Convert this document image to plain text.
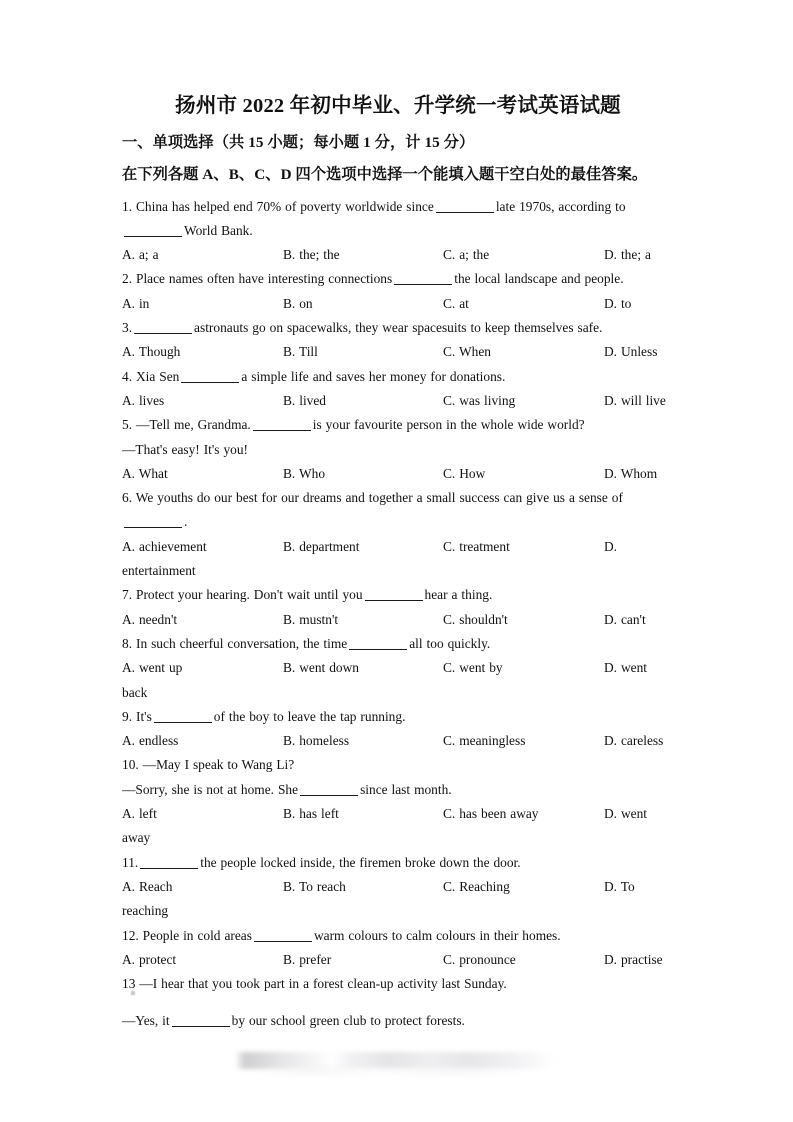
扬州市 2022 年初中毕业、升学统一考试英语试题

一、单项选择（共 15 小题；每小题 1 分，计 15 分）

在下列各题 A、B、C、D 四个选项中选择一个能填入题干空白处的最佳答案。

1. China has helped end 70% of poverty worldwide since	late 1970s, according to

World Bank.

A. a; a	B. the; the	C. a; the	D. the; a

2. Place names often have interesting connections	the local landscape and people.

A. in	B. on	C. at	D. to

3.	astronauts go on spacewalks, they wear spacesuits to keep themselves safe.

A. Though	B. Till	C. When	D. Unless

4. Xia Sen	a simple life and saves her money for donations.

A. lives	B. lived	C. was living	D. will live

5. —Tell me, Grandma.	is your favourite person in the whole wide world?

—That's easy! It's you!

A. What	B. Who	C. How	D. Whom

6. We youths do our best for our dreams and together a small success can give us a sense of

.

A. achievement	B. department	C. treatment	D.

entertainment

7. Protect your hearing. Don't wait until you	hear a thing.

A. needn't	B. mustn't	C. shouldn't	D. can't

8. In such cheerful conversation, the time	all too quickly.

A. went up	B. went down	C. went by	D. went

back

9. It's	of the boy to leave the tap running.

A. endless	B. homeless	C. meaningless	D. careless

10. —May I speak to Wang Li?

—Sorry, she is not at home. She	since last month.

A. left	B. has left	C. has been away	D. went

away

11.	the people locked inside, the firemen broke down the door.

A. Reach	B. To reach	C. Reaching	D. To

reaching

12. People in cold areas	warm colours to calm colours in their homes.

A. protect	B. prefer	C. pronounce	D. practise

13 —I hear that you took part in a forest clean-up activity last Sunday.

—Yes, it	by our school green club to protect forests.
